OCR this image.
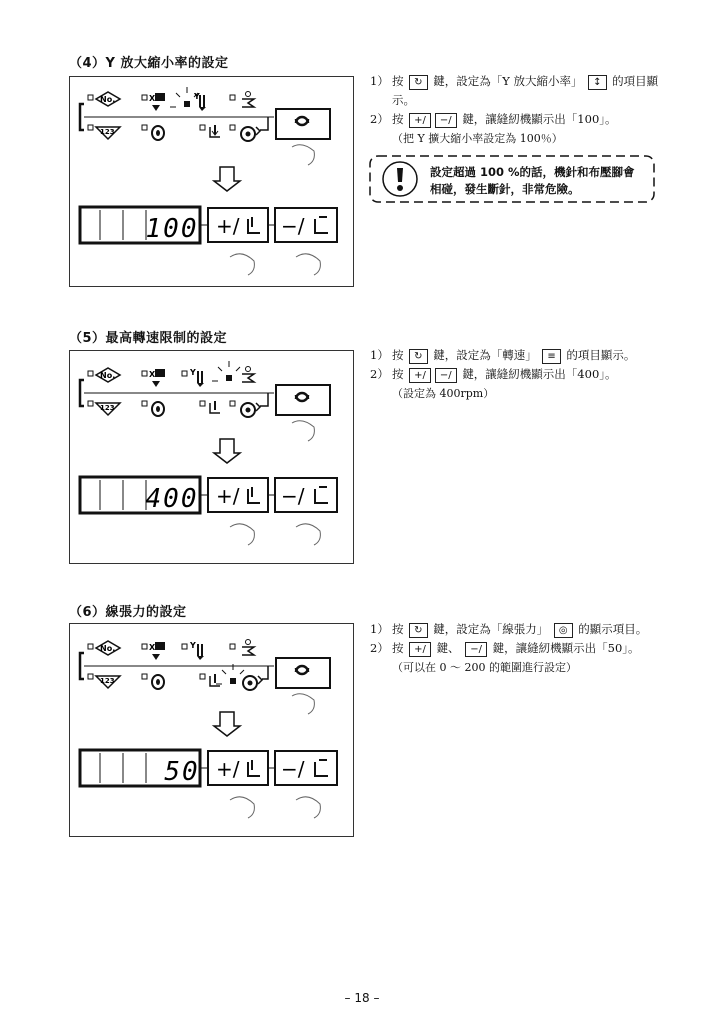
（4）Y 放大縮小率的設定
No.
123
X	Y
100 +/ −/
1） 按 ↻ 鍵，設定為「Y 放大縮小率」 ↕ 的項目顯示。
2） 按 +/ −/ 鍵，讓縫紉機顯示出「100」。
（把 Y 擴大縮小率設定為 100％）
設定超過 100 %的話，機針和布壓腳會
相碰，發生斷針，非常危險。
（5）最高轉速限制的設定
No.
123
X	Y
400 +/ −/
1） 按 ↻ 鍵，設定為「轉速」 ≡ 的項目顯示。
2） 按 +/ −/ 鍵，讓縫紉機顯示出「400」。
（設定為 400rpm）
（6）線張力的設定
No.
123
X	Y
50 +/ −/
1） 按 ↻ 鍵，設定為「線張力」 ◎ 的顯示項目。
2） 按 +/ 鍵、 −/ 鍵，讓縫紉機顯示出「50」。
（可以在 0 ～ 200 的範圍進行設定）
– 18 –
